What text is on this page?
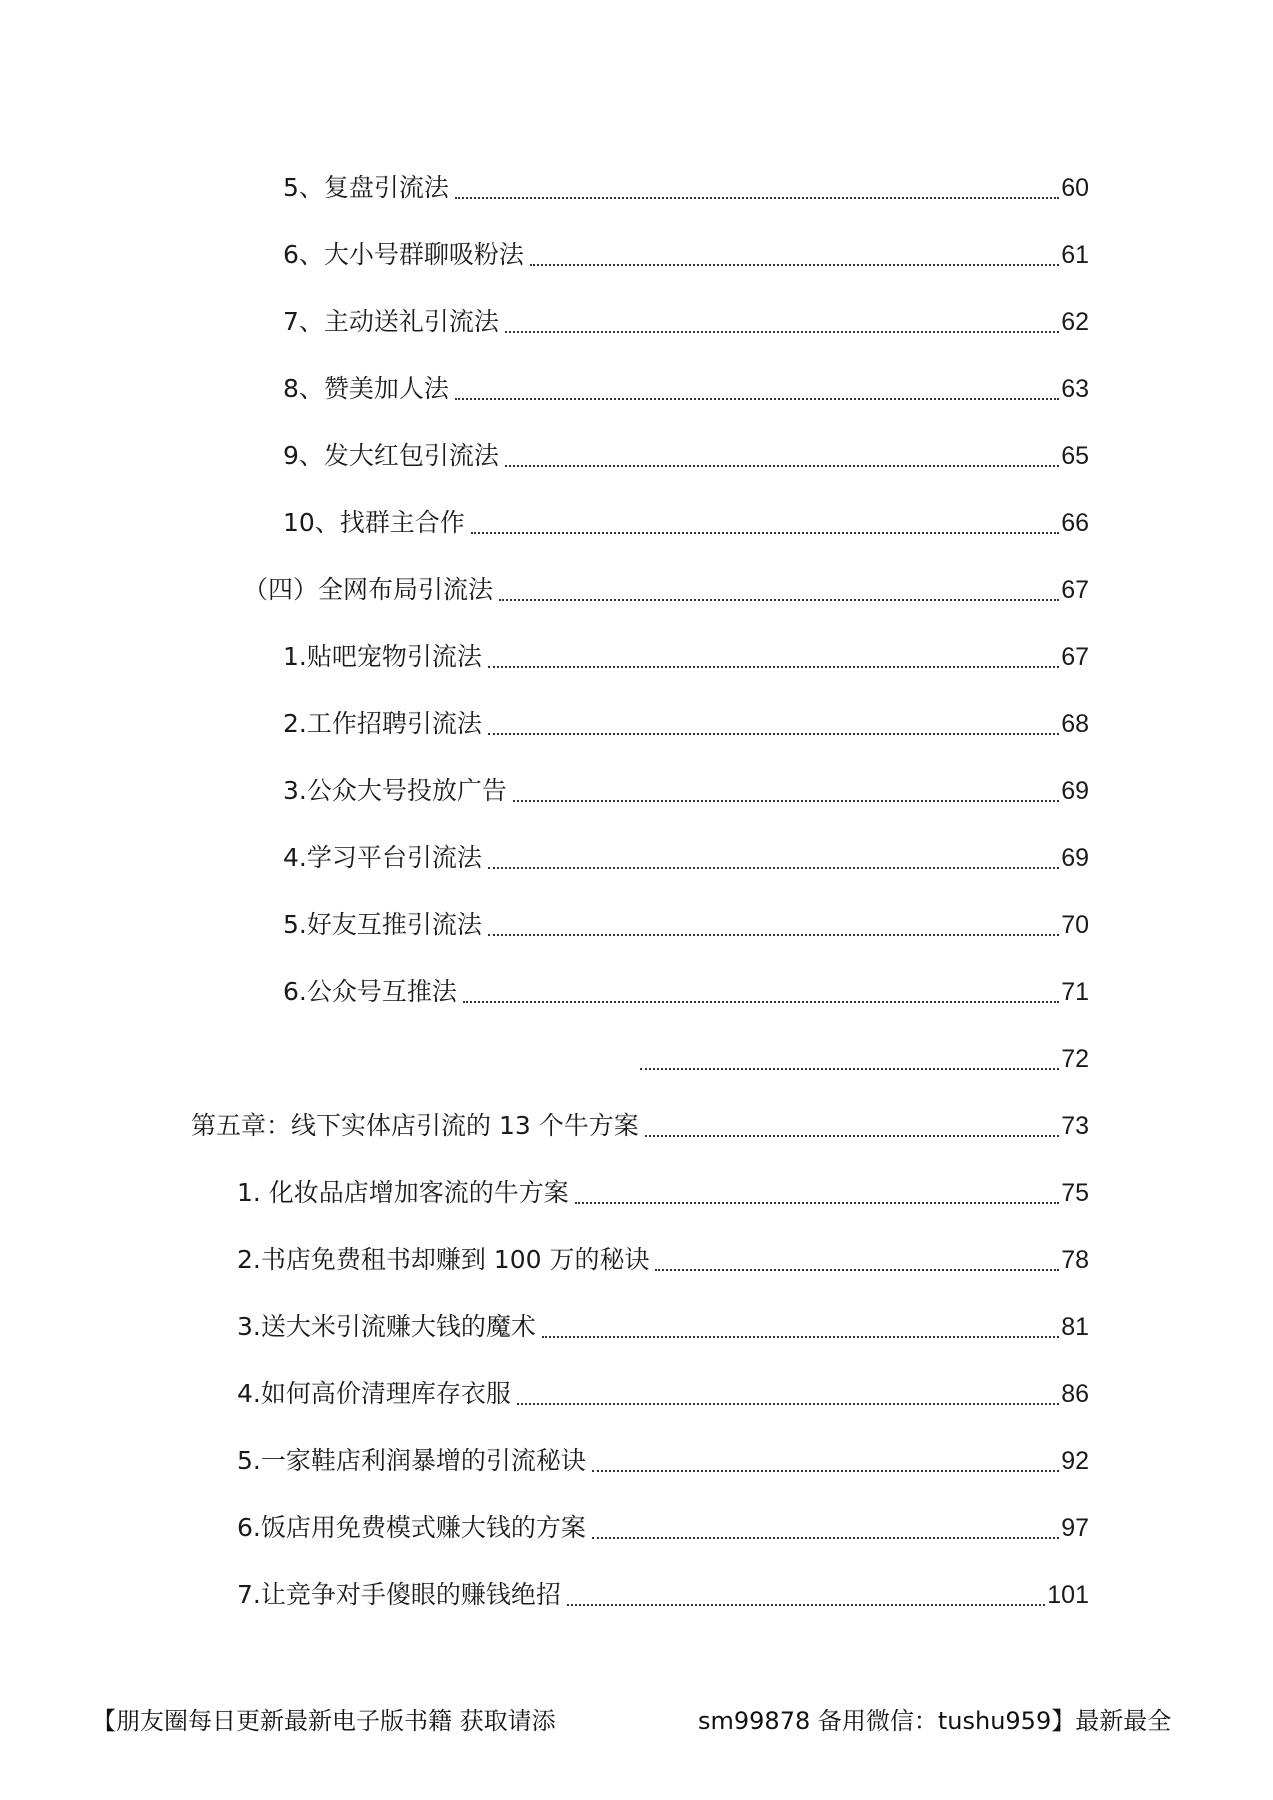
5、复盘引流法	60
6、大小号群聊吸粉法	61
7、主动送礼引流法	62
8、赞美加人法	63
9、发大红包引流法	65
10、找群主合作	66
（四）全网布局引流法	67
1.贴吧宠物引流法	67
2.工作招聘引流法	68
3.公众大号投放广告	69
4.学习平台引流法	69
5.好友互推引流法	70
6.公众号互推法	71
72
第五章：线下实体店引流的 13 个牛方案	73
1. 化妆品店增加客流的牛方案	75
2.书店免费租书却赚到 100 万的秘诀	78
3.送大米引流赚大钱的魔术	81
4.如何高价清理库存衣服	86
5.一家鞋店利润暴增的引流秘诀	92
6.饭店用免费模式赚大钱的方案	97
7.让竞争对手傻眼的赚钱绝招	101
【朋友圈每日更新最新电子版书籍 获取请添	sm99878 备用微信：tushu959】最新最全
